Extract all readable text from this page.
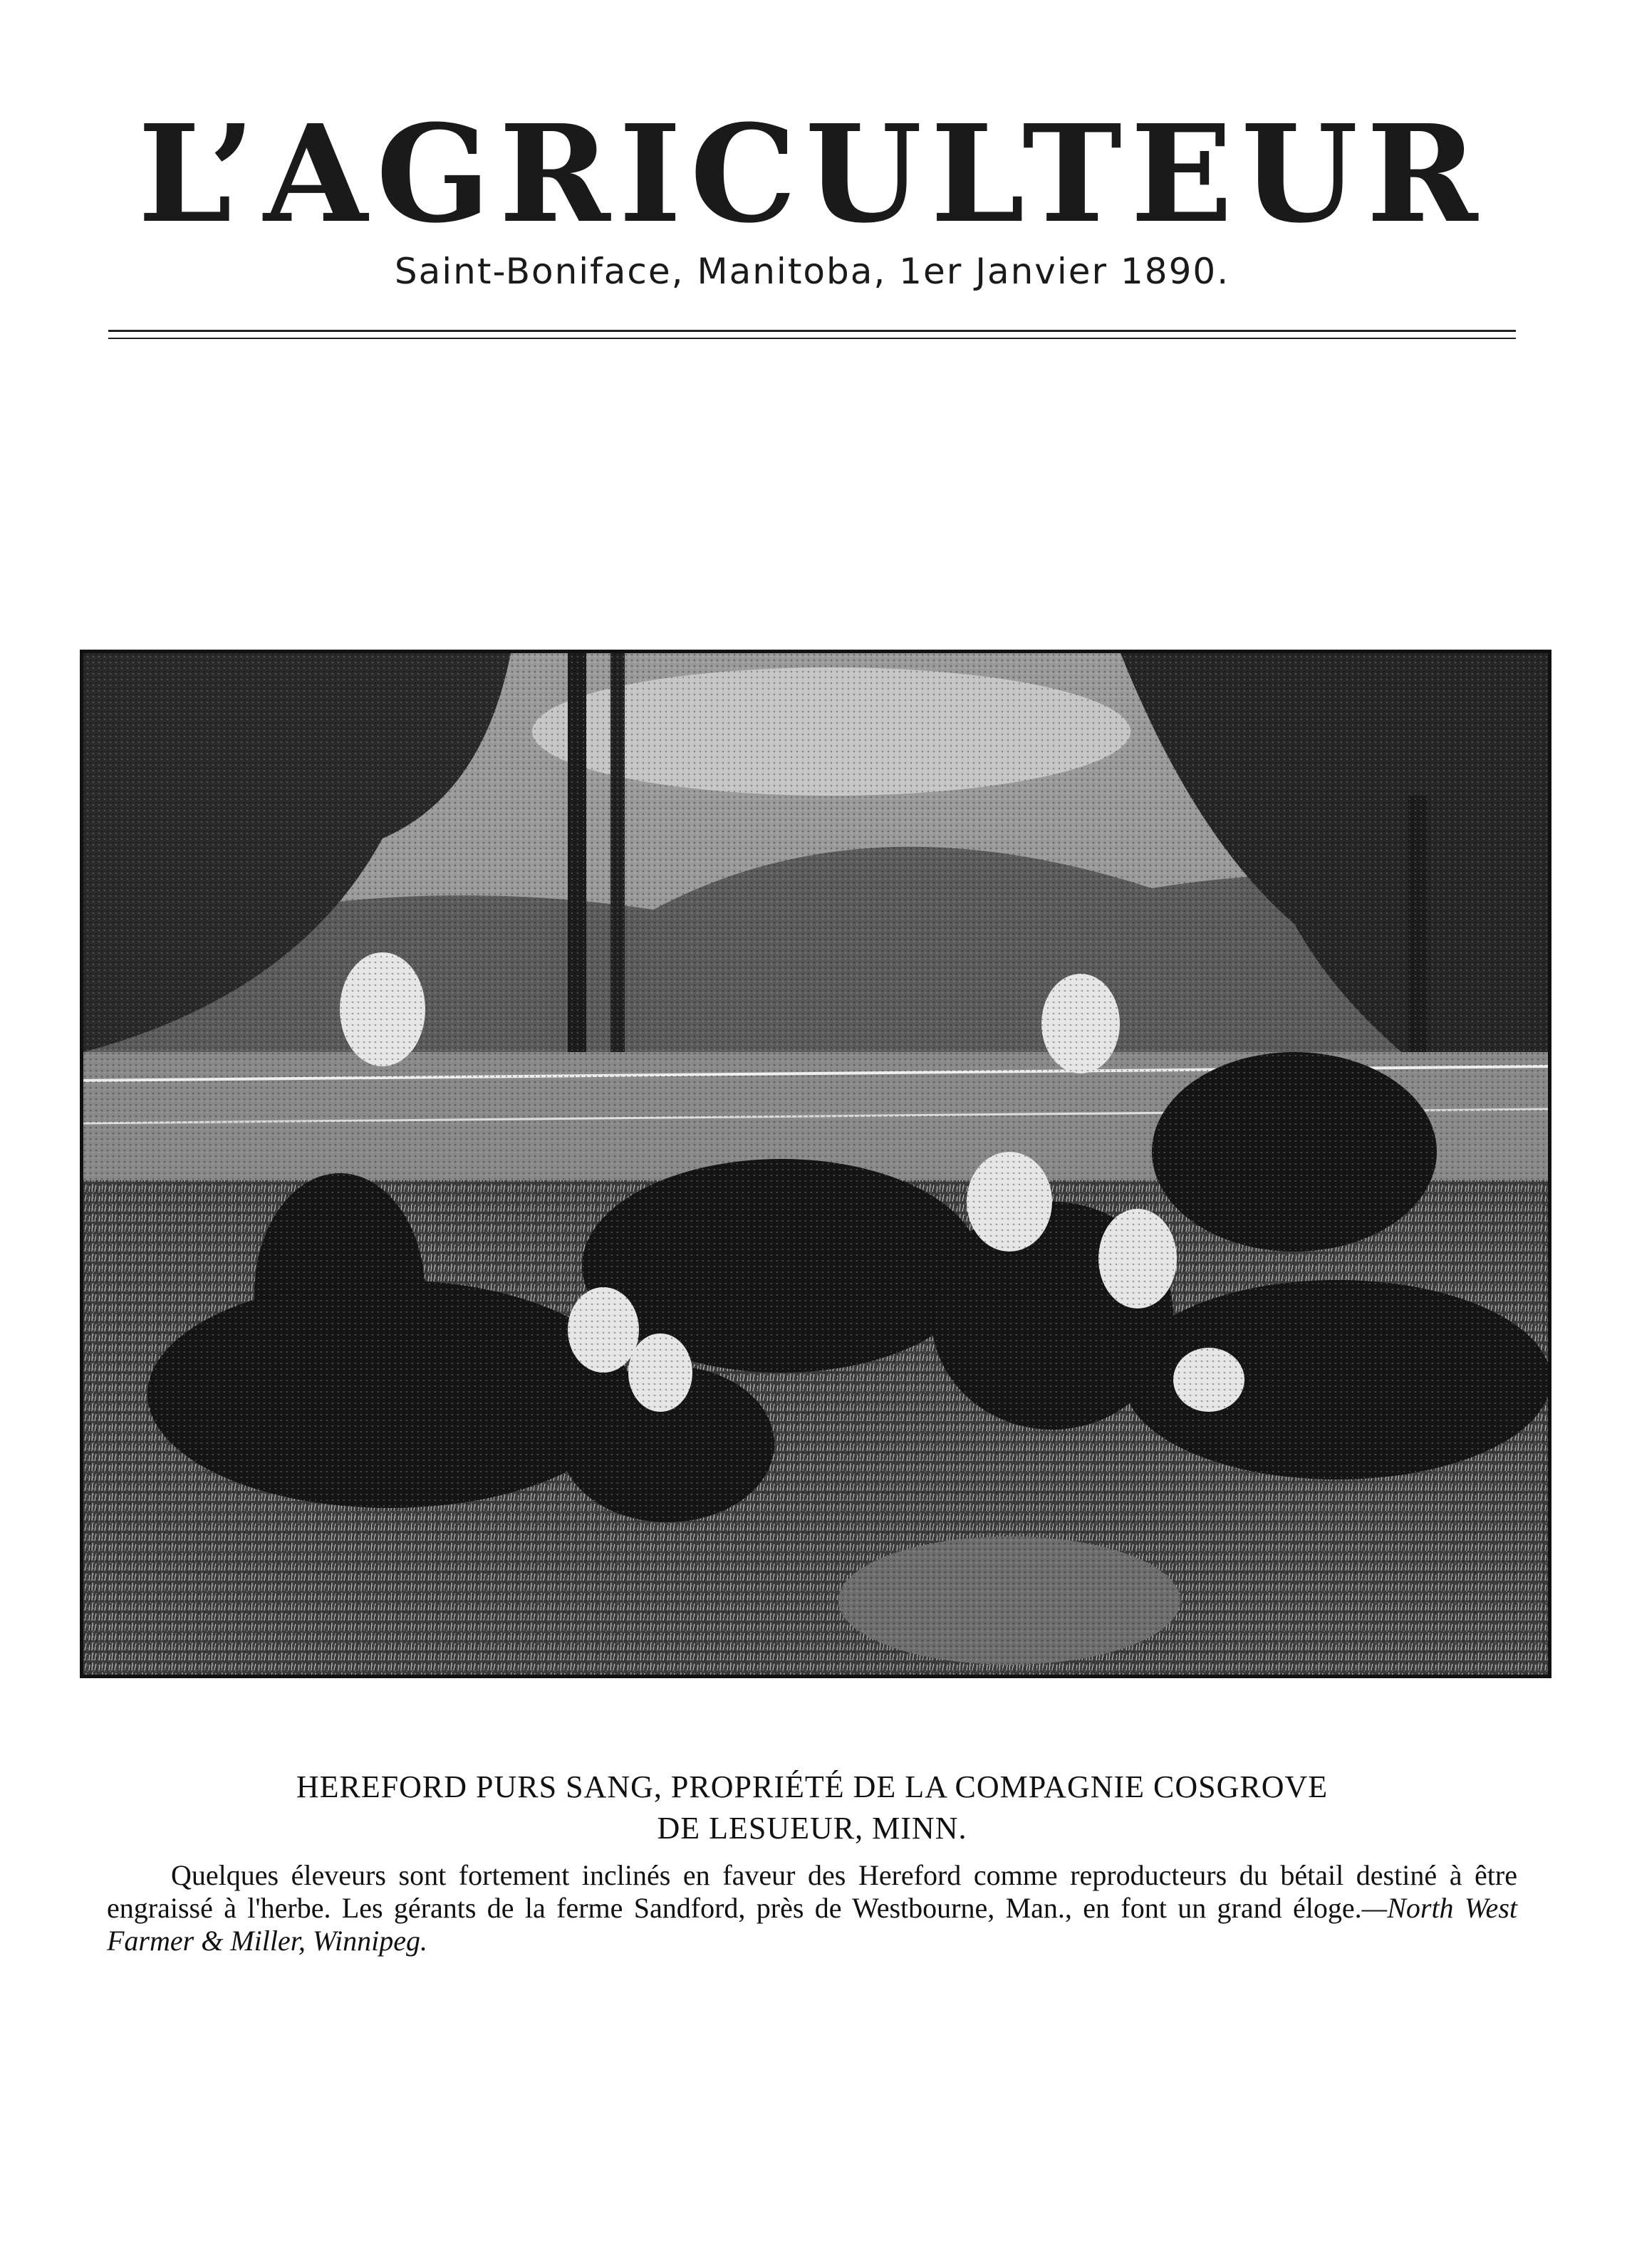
L’AGRICULTEUR
Saint-Boniface, Manitoba, 1er Janvier 1890.
HEREFORD PURS SANG, PROPRIÉTÉ DE LA COMPAGNIE COSGROVE
DE LESUEUR, MINN.
Quelques éleveurs sont fortement inclinés en faveur des Hereford comme reproducteurs du bétail destiné à être engraissé à l'herbe. Les gérants de la ferme Sandford, près de Westbourne, Man., en font un grand éloge.—North West Farmer & Miller, Winnipeg.
